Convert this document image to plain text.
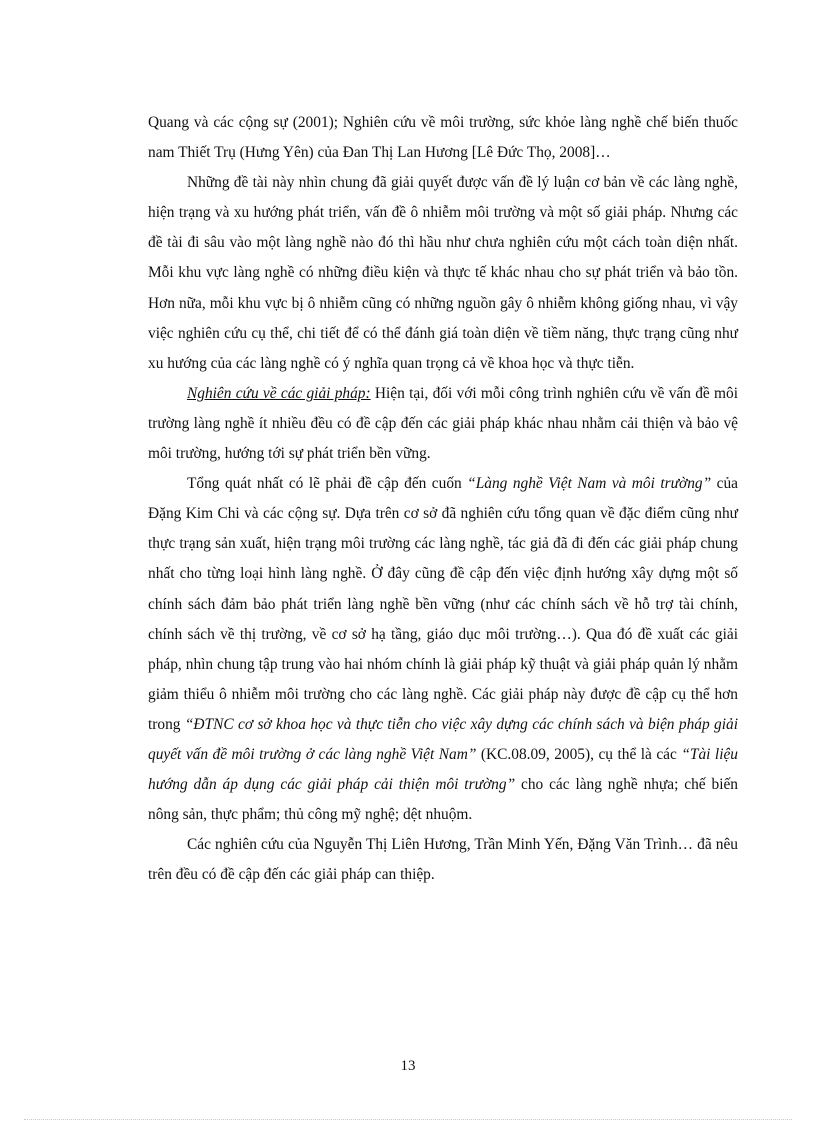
Quang và các cộng sự (2001); Nghiên cứu về môi trường, sức khỏe làng nghề chế biến thuốc nam Thiết Trụ (Hưng Yên) của Đan Thị Lan Hương [Lê Đức Thọ, 2008]…

Những đề tài này nhìn chung đã giải quyết được vấn đề lý luận cơ bản về các làng nghề, hiện trạng và xu hướng phát triển, vấn đề ô nhiễm môi trường và một số giải pháp. Nhưng các đề tài đi sâu vào một làng nghề nào đó thì hầu như chưa nghiên cứu một cách toàn diện nhất. Mỗi khu vực làng nghề có những điều kiện và thực tế khác nhau cho sự phát triển và bảo tồn. Hơn nữa, mỗi khu vực bị ô nhiễm cũng có những nguồn gây ô nhiễm không giống nhau, vì vậy việc nghiên cứu cụ thể, chi tiết để có thể đánh giá toàn diện về tiềm năng, thực trạng cũng như xu hướng của các làng nghề có ý nghĩa quan trọng cả về khoa học và thực tiễn.

Nghiên cứu về các giải pháp: Hiện tại, đối với mỗi công trình nghiên cứu về vấn đề môi trường làng nghề ít nhiều đều có đề cập đến các giải pháp khác nhau nhằm cải thiện và bảo vệ môi trường, hướng tới sự phát triển bền vững.

Tổng quát nhất có lẽ phải đề cập đến cuốn “Làng nghề Việt Nam và môi trường” của Đặng Kim Chi và các cộng sự. Dựa trên cơ sở đã nghiên cứu tổng quan về đặc điểm cũng như thực trạng sản xuất, hiện trạng môi trường các làng nghề, tác giả đã đi đến các giải pháp chung nhất cho từng loại hình làng nghề. Ở đây cũng đề cập đến việc định hướng xây dựng một số chính sách đảm bảo phát triển làng nghề bền vững (như các chính sách về hỗ trợ tài chính, chính sách về thị trường, về cơ sở hạ tầng, giáo dục môi trường…). Qua đó đề xuất các giải pháp, nhìn chung tập trung vào hai nhóm chính là giải pháp kỹ thuật và giải pháp quản lý nhằm giảm thiểu ô nhiễm môi trường cho các làng nghề. Các giải pháp này được đề cập cụ thể hơn trong “ĐTNC cơ sở khoa học và thực tiễn cho việc xây dựng các chính sách và biện pháp giải quyết vấn đề môi trường ở các làng nghề Việt Nam” (KC.08.09, 2005), cụ thể là các “Tài liệu hướng dẫn áp dụng các giải pháp cải thiện môi trường” cho các làng nghề nhựa; chế biến nông sản, thực phẩm; thủ công mỹ nghệ; dệt nhuộm.

Các nghiên cứu của Nguyễn Thị Liên Hương, Trần Minh Yến, Đặng Văn Trình… đã nêu trên đều có đề cập đến các giải pháp can thiệp.

13
